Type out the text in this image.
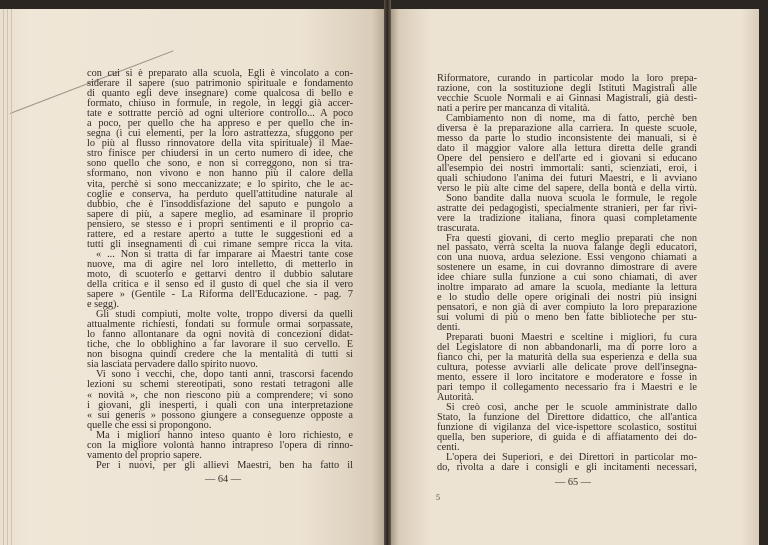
con cui si è preparato alla scuola, Egli è vincolato a con-
siderare il sapere (suo patrimonio spirituale e fondamento
di quanto egli deve insegnare) come qualcosa di bello e
formato, chiuso in formule, in regole, in leggi già accer-
tate e sottratte perciò ad ogni ulteriore controllo... A poco
a poco, per quello che ha appreso e per quello che in-
segna (i cui elementi, per la loro astrattezza, sfuggono per
lo più al flusso rinnovatore della vita spirituale) il Mae-
stro finisce per chiudersi in un certo numero di idee, che
sono quello che sono, e non si correggono, non si tra-
sformano, non vivono e non hanno più il calore della
vita, perchè si sono meccanizzate; e lo spirito, che le ac-
coglie e conserva, ha perduto quell'attitudine naturale al
dubbio, che è l'insoddisfazione del saputo e pungolo a
sapere di più, a sapere meglio, ad esaminare il proprio
pensiero, se stesso e i propri sentimenti e il proprio ca-
rattere, ed a restare aperto a tutte le suggestioni ed a
tutti gli insegnamenti di cui rimane sempre ricca la vita.
« ... Non si tratta di far imparare ai Maestri tante cose
nuove, ma di agire nel loro intelletto, di metterlo in
moto, di scuoterlo e gettarvi dentro il dubbio salutare
della critica e il senso ed il gusto di quel che sia il vero
sapere » (Gentile - La Riforma dell'Educazione. - pag. 7
e segg).
Gli studi compiuti, molte volte, troppo diversi da quelli
attualmente richiesti, fondati su formule ormai sorpassate,
lo fanno allontanare da ogni novità di concezioni didat-
tiche, che lo obblighino a far lavorare il suo cervello. E
non bisogna quindi credere che la mentalità di tutti si
sia lasciata pervadere dallo spirito nuovo.
Vi sono i vecchi, che, dopo tanti anni, trascorsi facendo
lezioni su schemi stereotipati, sono restati tetragoni alle
« novità », che non riescono più a comprendere; vi sono
i giovani, gli inesperti, i quali con una interpretazione
« sui generis » possono giungere a conseguenze opposte a
quelle che essi si propongono.
Ma i migliori hanno inteso quanto è loro richiesto, e
con la migliore volontà hanno intrapreso l'opera di rinno-
vamento del proprio sapere.
Per i nuovi, per gli allievi Maestri, ben ha fatto il
— 64 —
Riformatore, curando in particolar modo la loro prepa-
razione, con la sostituzione degli Istituti Magistrali alle
vecchie Scuole Normali e ai Ginnasi Magistrali, già desti-
nati a perire per mancanza di vitalità.
Cambiamento non di nome, ma di fatto, perchè ben
diversa è la preparazione alla carriera. In queste scuole,
messo da parte lo studio inconsistente dei manuali, si è
dato il maggior valore alla lettura diretta delle grandi
Opere del pensiero e dell'arte ed i giovani si educano
all'esempio dei nostri immortali: santi, scienziati, eroi, i
quali schiudono l'anima dei futuri Maestri, e li avviano
verso le più alte cime del sapere, della bontà e della virtù.
Sono bandite dalla nuova scuola le formule, le regole
astratte dei pedagogisti, specialmente stranieri, per far rivi-
vere la tradizione italiana, finora quasi completamente
trascurata.
Fra questi giovani, di certo meglio preparati che non
nel passato, verrà scelta la nuova falange degli educatori,
con una nuova, ardua selezione. Essi vengono chiamati a
sostenere un esame, in cui dovranno dimostrare di avere
idee chiare sulla funzione a cui sono chiamati, di aver
inoltre imparato ad amare la scuola, mediante la lettura
e lo studio delle opere originali dei nostri più insigni
pensatori, e non già di aver compiuto la loro preparazione
sui volumi di più o meno ben fatte biblioteche per stu-
denti.
Preparati buoni Maestri e sceltine i migliori, fu cura
del Legislatore di non abbandonarli, ma di porre loro a
fianco chi, per la maturità della sua esperienza e della sua
cultura, potesse avviarli alle delicate prove dell'insegna-
mento, essere il loro incitatore e moderatore e fosse in
pari tempo il collegamento necessario fra i Maestri e le
Autorità.
Si creò così, anche per le scuole amministrate dallo
Stato, la funzione del Direttore didattico, che all'antica
funzione di vigilanza del vice-ispettore scolastico, sostituì
quella, ben superiore, di guida e di affiatamento dei do-
centi.
L'opera dei Superiori, e dei Direttori in particolar mo-
do, rivolta a dare i consigli e gli incitamenti necessari,
— 65 —
5
